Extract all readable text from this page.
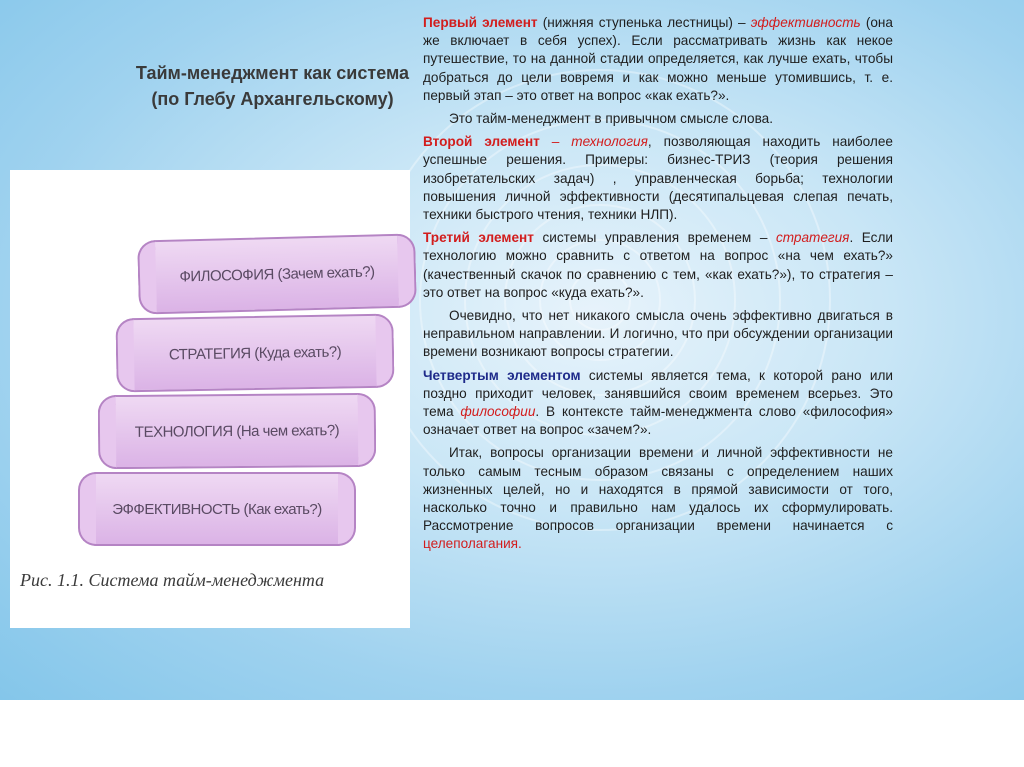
Тайм-менеджмент как система
(по Глебу Архангельскому)
ФИЛОСОФИЯ (Зачем ехать?)
СТРАТЕГИЯ (Куда ехать?)
ТЕХНОЛОГИЯ (На чем ехать?)
ЭФФЕКТИВНОСТЬ (Как ехать?)
Рис. 1.1. Система тайм-менеджмента

Первый элемент (нижняя ступенька лестницы) – эффективность (она же включает в себя успех). Если рассматривать жизнь как некое путешествие, то на данной стадии определяется, как лучше ехать, чтобы добраться до цели вовремя и как можно меньше утомившись, т. е. первый этап – это ответ на вопрос «как ехать?».

Это тайм-менеджмент в привычном смысле слова.

Второй элемент – технология, позволяющая находить наиболее успешные решения. Примеры: бизнес-ТРИЗ (теория решения изобретательских задач) , управленческая борьба; технологии повышения личной эффективности (десятипальцевая слепая печать, техники быстрого чтения, техники НЛП).

Третий элемент системы управления временем – стратегия. Если технологию можно сравнить с ответом на вопрос «на чем ехать?» (качественный скачок по сравнению с тем, «как ехать?»), то стратегия – это ответ на вопрос «куда ехать?».

Очевидно, что нет никакого смысла очень эффективно двигаться в неправильном направлении. И логично, что при обсуждении организации времени возникают вопросы стратегии.

Четвертым элементом системы является тема, к которой рано или поздно приходит человек, занявшийся своим временем всерьез. Это тема философии. В контексте тайм-менеджмента слово «философия» означает ответ на вопрос «зачем?».

Итак, вопросы организации времени и личной эффективности не только самым тесным образом связаны с определением наших жизненных целей, но и находятся в прямой зависимости от того, насколько точно и правильно нам удалось их сформулировать. Рассмотрение вопросов организации времени начинается с целеполагания.
